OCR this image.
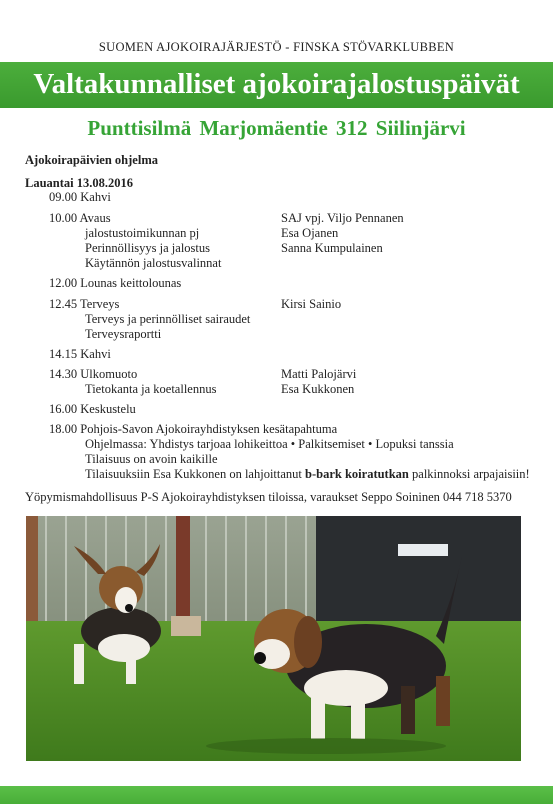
SUOMEN AJOKOIRAJÄRJESTÖ - FINSKA STÖVARKLUBBEN
Valtakunnalliset ajokoirajalostuspäivät
Punttisilmä Marjomäentie 312 Siilinjärvi
Ajokoirapäivien ohjelma
Lauantai 13.08.2016
09.00 Kahvi
10.00 Avaus	SAJ vpj. Viljo Pennanen
jalostustoimikunnan pj	Esa Ojanen
Perinnöllisyys ja jalostus	Sanna Kumpulainen
Käytännön jalostusvalinnat
12.00 Lounas keittolounas
12.45 Terveys	Kirsi Sainio
Terveys ja perinnölliset sairaudet
Terveysraportti
14.15 Kahvi
14.30 Ulkomuoto	Matti Palojärvi
Tietokanta ja koetallennus	Esa Kukkonen
16.00 Keskustelu
18.00 Pohjois-Savon Ajokoirayhdistyksen kesätapahtuma
Ohjelmassa: Yhdistys tarjoaa lohikeittoa • Palkitsemiset • Lopuksi tanssia
Tilaisuus on avoin kaikille
Tilaisuuksiin Esa Kukkonen on lahjoittanut b-bark koiratutkan palkinnoksi arpajaisiin!
Yöpymismahdollisuus P-S Ajokoirayhdistyksen tiloissa, varaukset Seppo Soininen 044 718 5370
